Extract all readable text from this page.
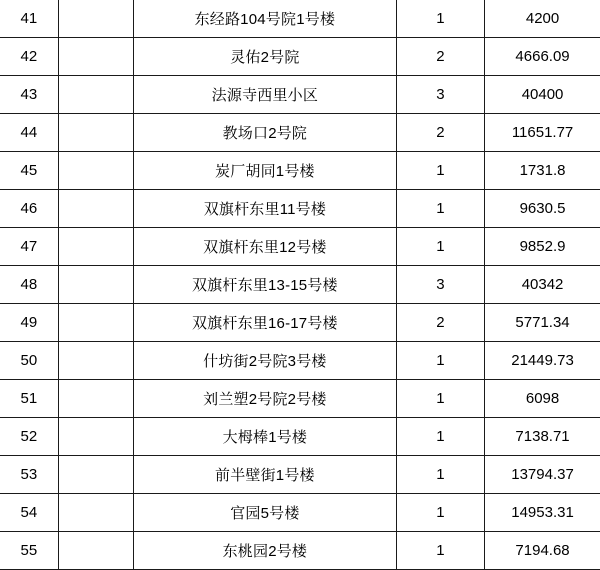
41		东经路104号院1号楼	1	4200
42		灵佑2号院	2	4666.09
43		法源寺西里小区	3	40400
44		教场口2号院	2	11651.77
45		炭厂胡同1号楼	1	1731.8
46		双旗杆东里11号楼	1	9630.5
47		双旗杆东里12号楼	1	9852.9
48		双旗杆东里13-15号楼	3	40342
49		双旗杆东里16-17号楼	2	5771.34
50		什坊街2号院3号楼	1	21449.73
51		刘兰塑2号院2号楼	1	6098
52		大栂棒1号楼	1	7138.71
53		前半壁街1号楼	1	13794.37
54		官园5号楼	1	14953.31
55		东桃园2号楼	1	7194.68
